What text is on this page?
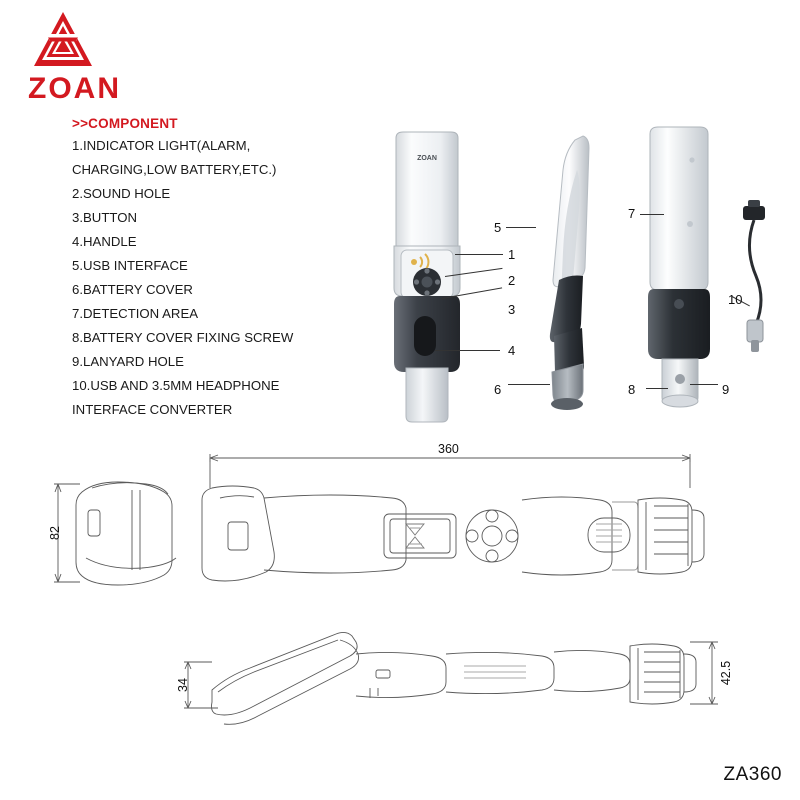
ZOAN
>>COMPONENT
1.INDICATOR LIGHT(ALARM,
CHARGING,LOW BATTERY,ETC.)
2.SOUND HOLE
3.BUTTON
4.HANDLE
5.USB INTERFACE
6.BATTERY COVER
7.DETECTION AREA
8.BATTERY COVER FIXING SCREW
9.LANYARD HOLE
10.USB AND 3.5MM HEADPHONE
INTERFACE CONVERTER
ZOAN
1
2
3
4
5
6
7
8	9
10
360
82
34	42.5
ZA360
